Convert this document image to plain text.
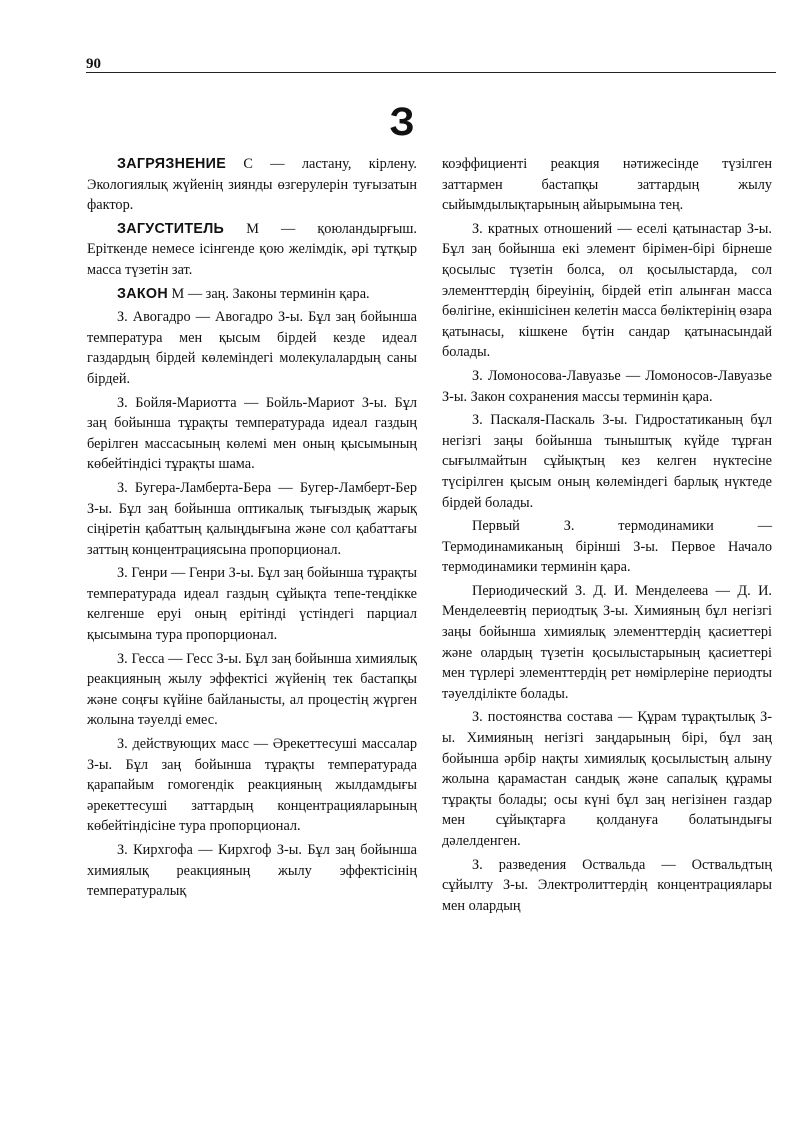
90
З

ЗАГРЯЗНЕНИЕ С — ластану, кірлену. Экологиялық жүйенің зиянды өзгерулерін туғызатын фактор.

ЗАГУСТИТЕЛЬ М — қоюландырғыш. Еріткенде немесе ісінгенде қою желімдік, әрі тұтқыр масса түзетін зат.

ЗАКОН М — заң. Законы терминін қара.

З. Авогадро — Авогадро З-ы. Бұл заң бойынша температура мен қысым бірдей кезде идеал газдардың бірдей көлеміндегі молекулалардың саны бірдей.

З. Бойля-Мариотта — Бойль-Мариот З-ы. Бұл заң бойынша тұрақты температурада идеал газдың берілген массасының көлемі мен оның қысымының көбейтіндісі тұрақты шама.

З. Бугера-Ламберта-Бера — Бугер-Ламберт-Бер З-ы. Бұл заң бойынша оптикалық тығыздық жарық сіңіретін қабаттың қалыңдығына және сол қабаттағы заттың концентрациясына пропорционал.

З. Генри — Генри З-ы. Бұл заң бойынша тұрақты температурада идеал газдың сұйықта тепе-теңдікке келгенше еруі оның ерітінді үстіндегі парциал қысымына тура пропорционал.

З. Гесса — Гесс З-ы. Бұл заң бойынша химиялық реакцияның жылу эффектісі жүйенің тек бастапқы және соңғы күйіне байланысты, ал процестің жүрген жолына тәуелді емес.

З. действующих масс — Әрекеттесуші массалар З-ы. Бұл заң бойынша тұрақты температурада қарапайым гомогендік реакцияның жылдамдығы әрекеттесуші заттардың концентрацияларының көбейтіндісіне тура пропорционал.

З. Кирхгофа — Кирхгоф З-ы. Бұл заң бойынша химиялық реакцияның жылу эффектісінің температуралық

коэффициенті реакция нәтижесінде түзілген заттармен бастапқы заттардың жылу сыйымдылықтарының айырымына тең.

З. кратных отношений — еселі қатынастар З-ы. Бұл заң бойынша екі элемент бірімен-бірі бірнеше қосылыс түзетін болса, ол қосылыстарда, сол элементтердің біреуінің, бірдей етіп алынған масса бөлігіне, екіншісінен келетін масса бөліктерінің өзара қатынасы, кішкене бүтін сандар қатынасындай болады.

З. Ломоносова-Лавуазье — Ломоносов-Лавуазье З-ы. Закон сохранения массы терминін қара.

З. Паскаля-Паскаль З-ы. Гидростатиканың бұл негізгі заңы бойынша тыныштық күйде тұрған сығылмайтын сұйықтың кез келген нүктесіне түсірілген қысым оның көлеміндегі барлық нүктеде бірдей болады.

Первый З. термодинамики — Термодинамиканың бірінші З-ы. Первое Начало термодинамики терминін қара.

Периодический З. Д. И. Менделеева — Д. И. Менделеевтің периодтық З-ы. Химияның бұл негізгі заңы бойынша химиялық элементтердің қасиеттері және олардың түзетін қосылыстарының қасиеттері мен түрлері элементтердің рет нөмірлеріне периодты тәуелділікте болады.

З. постоянства состава — Құрам тұрақтылық З-ы. Химияның негізгі заңдарының бірі, бұл заң бойынша әрбір нақты химиялық қосылыстың алыну жолына қарамастан сандық және сапалық құрамы тұрақты болады; осы күні бұл заң негізінен газдар мен сұйықтарға қолдануға болатындығы дәлелденген.

З. разведения Оствальда — Оствальдтың сұйылту З-ы. Электролиттердің концентрациялары мен олардың
